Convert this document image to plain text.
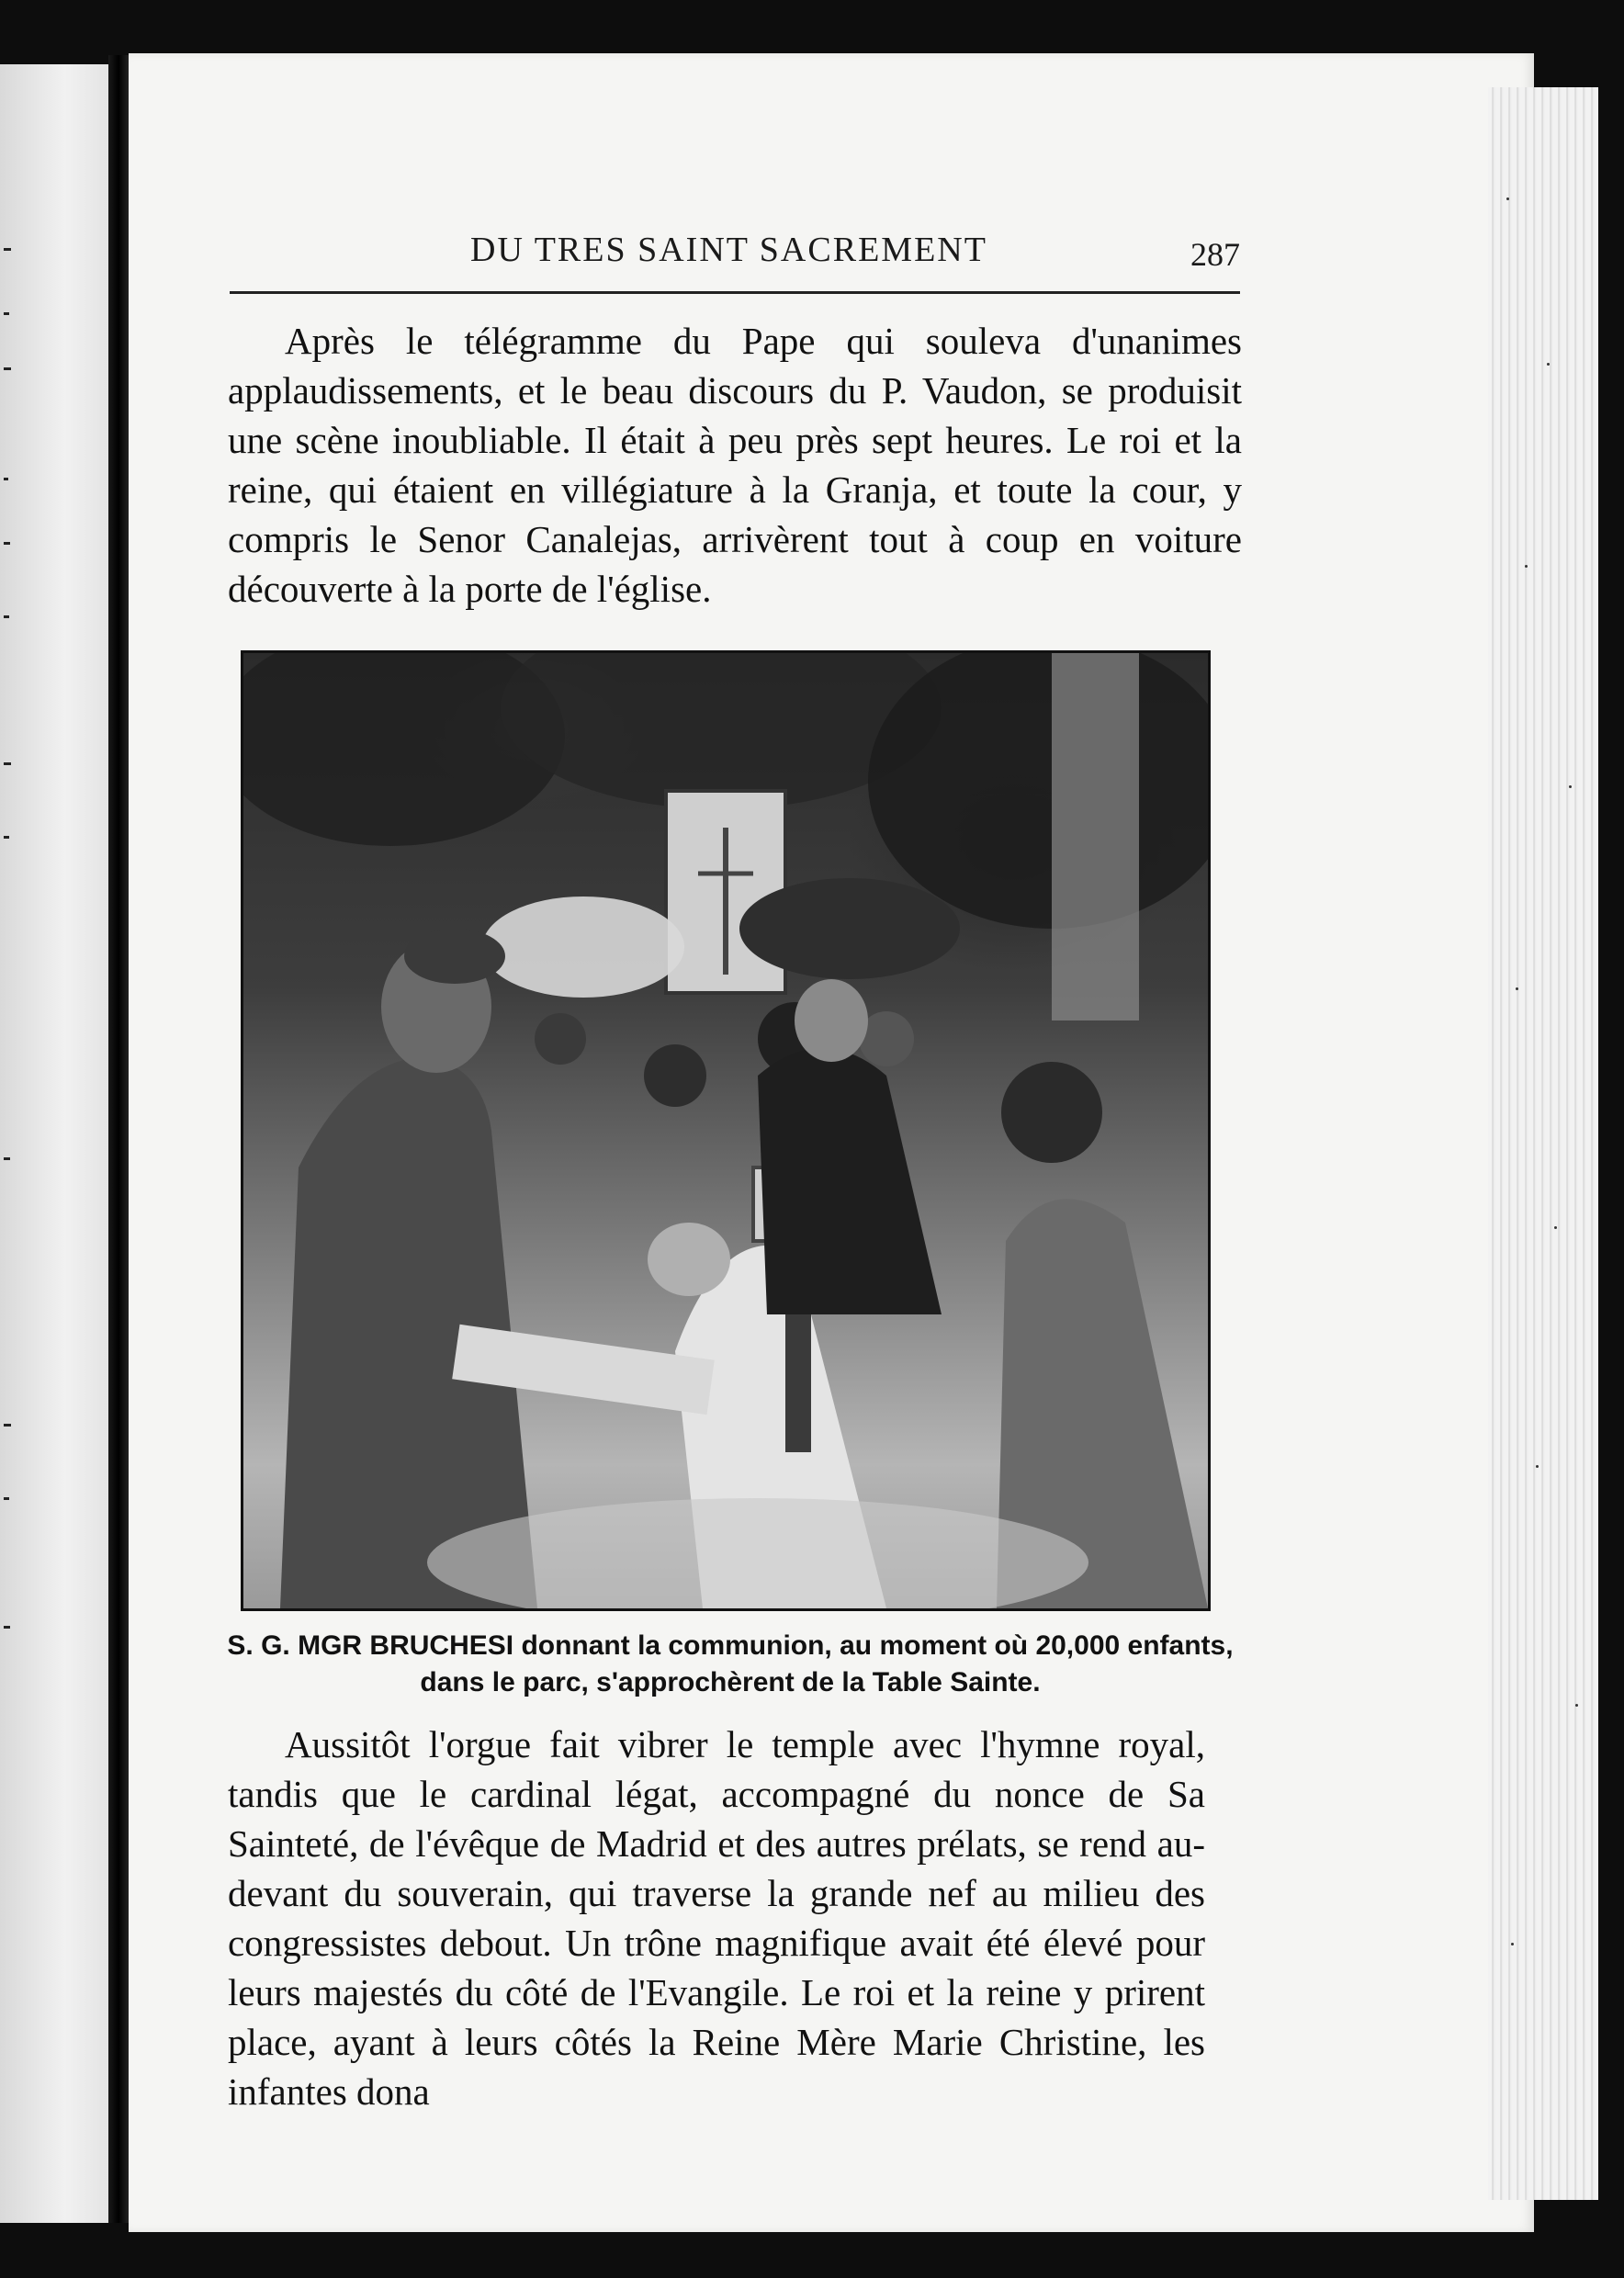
DU TRES SAINT SACREMENT	287

Après le télégramme du Pape qui souleva d'unanimes applaudissements, et le beau discours du P. Vaudon, se produisit une scène inoubliable. Il était à peu près sept heures. Le roi et la reine, qui étaient en villégiature à la Granja, et toute la cour, y compris le Senor Canalejas, arrivèrent tout à coup en voiture découverte à la porte de l'église.

S. G. MGR BRUCHESI donnant la communion, au moment où 20,000 enfants, dans le parc, s'approchèrent de la Table Sainte.

Aussitôt l'orgue fait vibrer le temple avec l'hymne royal, tandis que le cardinal légat, accompagné du nonce de Sa Sainteté, de l'évêque de Madrid et des autres prélats, se rend au-devant du souverain, qui traverse la grande nef au milieu des congressistes debout. Un trône magnifique avait été élevé pour leurs majestés du côté de l'Evangile. Le roi et la reine y prirent place, ayant à leurs côtés la Reine Mère Marie Christine, les infantes dona
